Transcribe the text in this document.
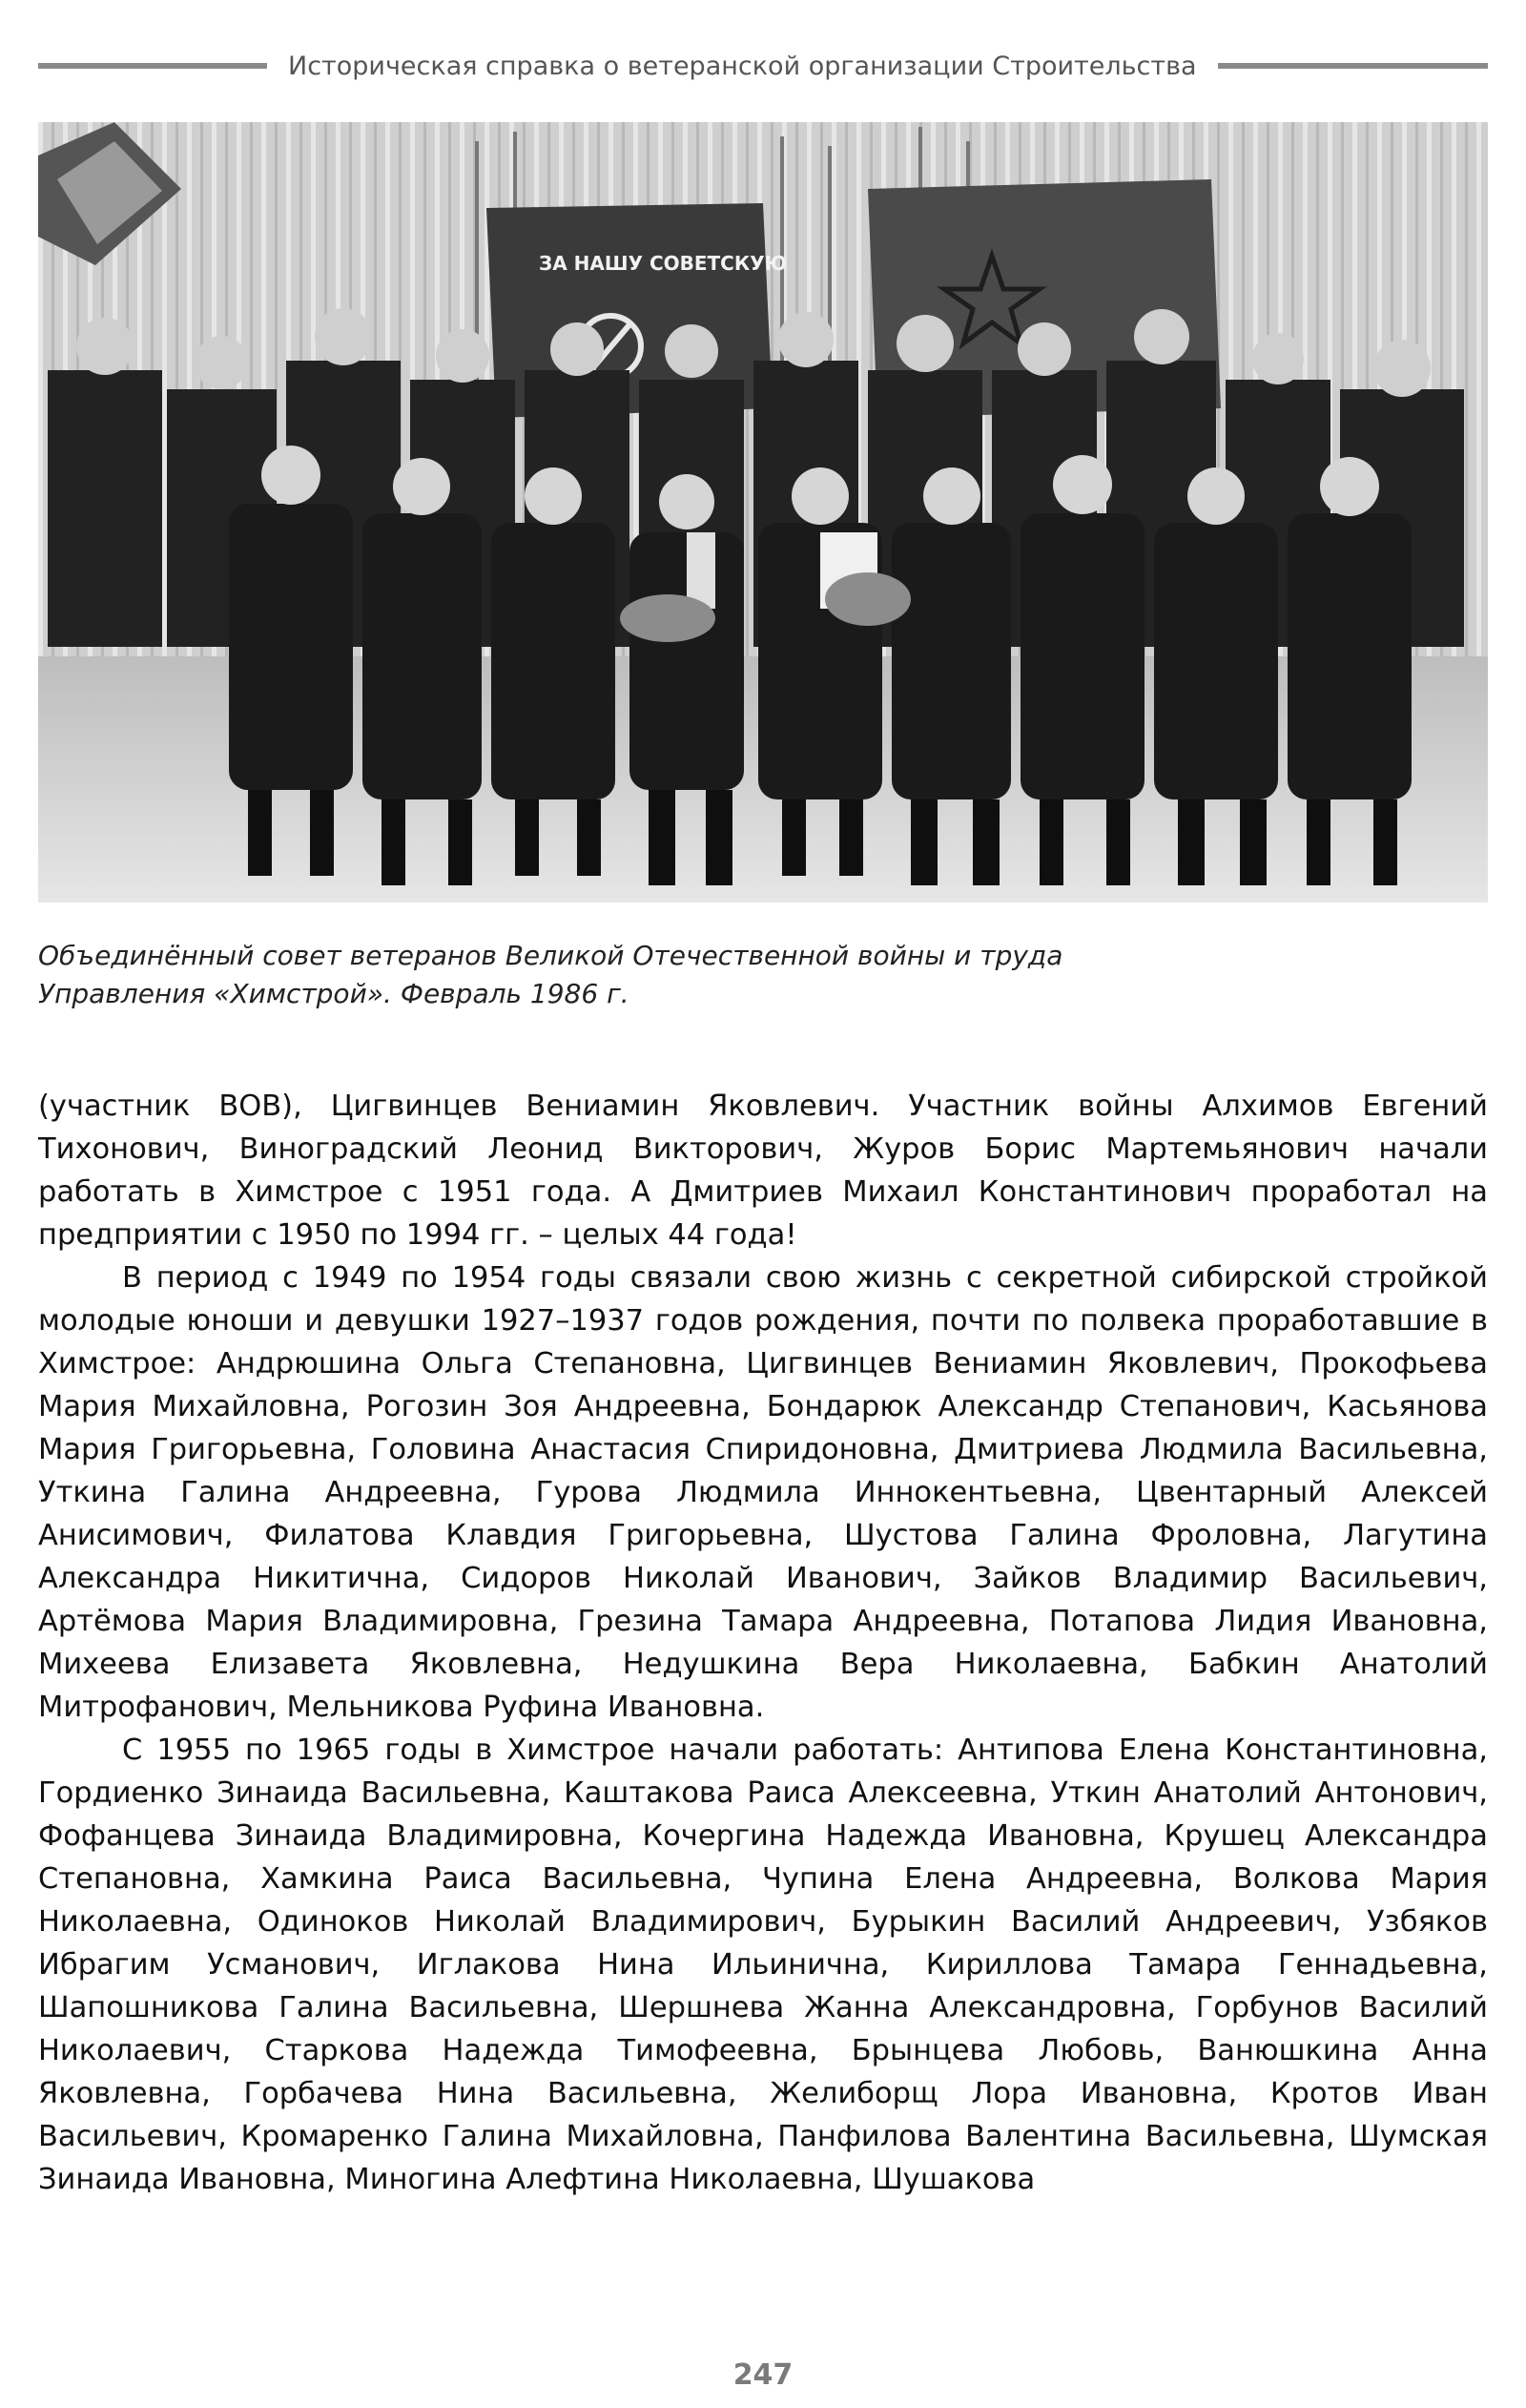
Историческая справка о ветеранской организации Строительства
ЗА НАШУ СОВЕТСКУЮ
Объединённый совет ветеранов Великой Отечественной войны и труда
Управления «Химстрой». Февраль 1986 г.

(участник ВОВ), Цигвинцев Вениамин Яковлевич. Участник войны Алхимов Евгений Тихонович, Виноградский Леонид Викторович, Журов Борис Мартемьянович начали работать в Химстрое с 1951 года. А Дмитриев Михаил Константинович проработал на предприятии с 1950 по 1994 гг. – целых 44 года!

В период с 1949 по 1954 годы связали свою жизнь с секретной сибирской стройкой молодые юноши и девушки 1927–1937 годов рождения, почти по полвека проработавшие в Химстрое: Андрюшина Ольга Степановна, Цигвинцев Вениамин Яковлевич, Прокофьева Мария Михайловна, Рогозин Зоя Андреевна, Бондарюк Александр Степанович, Касьянова Мария Григорьевна, Головина Анастасия Спиридоновна, Дмитриева Людмила Васильевна, Уткина Галина Андреевна, Гурова Людмила Иннокентьевна, Цвентарный Алексей Анисимович, Филатова Клавдия Григорьевна, Шустова Галина Фроловна, Лагутина Александра Никитична, Сидоров Николай Иванович, Зайков Владимир Васильевич, Артёмова Мария Владимировна, Грезина Тамара Андреевна, Потапова Лидия Ивановна, Михеева Елизавета Яковлевна, Недушкина Вера Николаевна, Бабкин Анатолий Митрофанович, Мельникова Руфина Ивановна.

С 1955 по 1965 годы в Химстрое начали работать: Антипова Елена Константиновна, Гордиенко Зинаида Васильевна, Каштакова Раиса Алексеевна, Уткин Анатолий Антонович, Фофанцева Зинаида Владимировна, Кочергина Надежда Ивановна, Крушец Александра Степановна, Хамкина Раиса Васильевна, Чупина Елена Андреевна, Волкова Мария Николаевна, Одиноков Николай Владимирович, Бурыкин Василий Андреевич, Узбяков Ибрагим Усманович, Иглакова Нина Ильинична, Кириллова Тамара Геннадьевна, Шапошникова Галина Васильевна, Шершнева Жанна Александровна, Горбунов Василий Николаевич, Старкова Надежда Тимофеевна, Брынцева Любовь, Ванюшкина Анна Яковлевна, Горбачева Нина Васильевна, Желиборщ Лора Ивановна, Кротов Иван Васильевич, Кромаренко Галина Михайловна, Панфилова Валентина Васильевна, Шумская Зинаида Ивановна, Миногина Алефтина Николаевна, Шушакова

247
